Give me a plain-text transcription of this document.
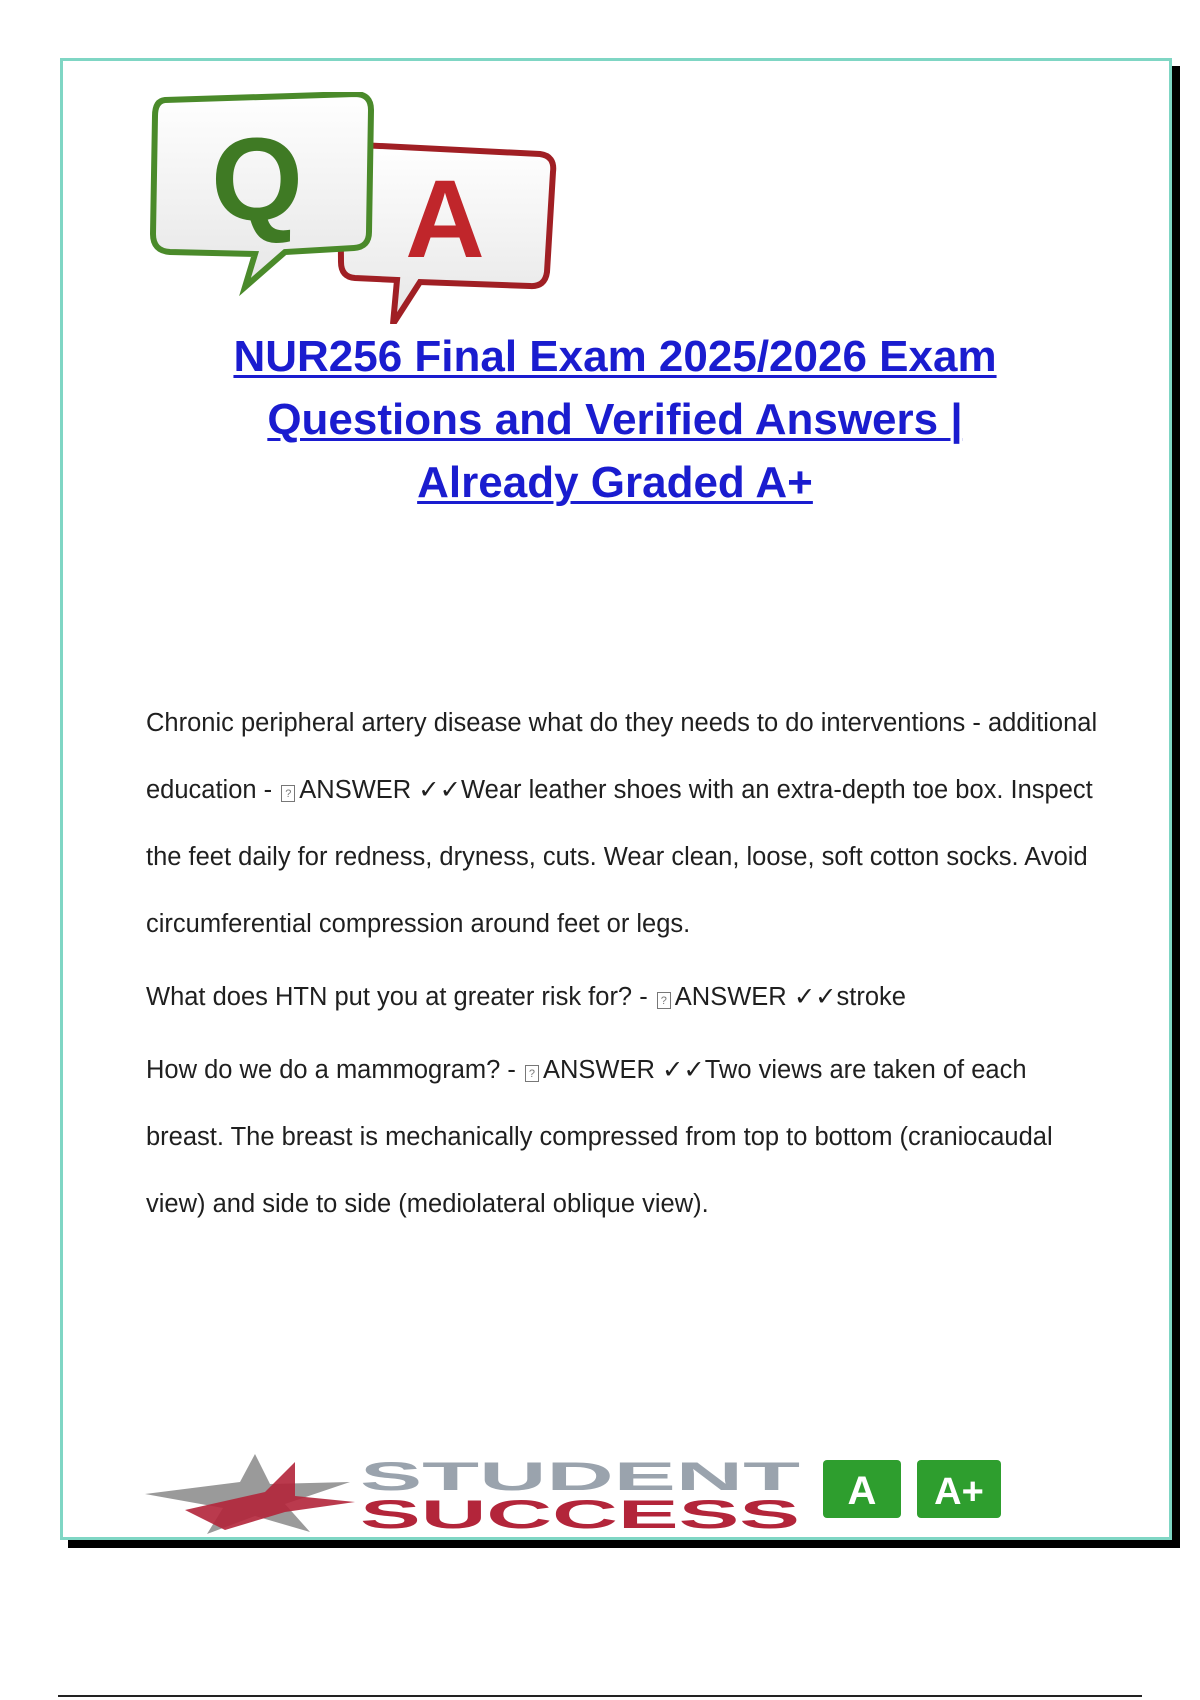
A
Q
NUR256 Final Exam 2025/2026 Exam
Questions and Verified Answers |
Already Graded A+

Chronic peripheral artery disease what do they needs to do interventions - additional education - ? ANSWER ✓✓Wear leather shoes with an extra-depth toe box. Inspect the feet daily for redness, dryness, cuts. Wear clean, loose, soft cotton socks. Avoid circumferential compression around feet or legs.

What does HTN put you at greater risk for? - ? ANSWER ✓✓stroke

How do we do a mammogram? - ? ANSWER ✓✓Two views are taken of each breast. The breast is mechanically compressed from top to bottom (craniocaudal view) and side to side (mediolateral oblique view).

STUDENT
SUCCESS
A A+
